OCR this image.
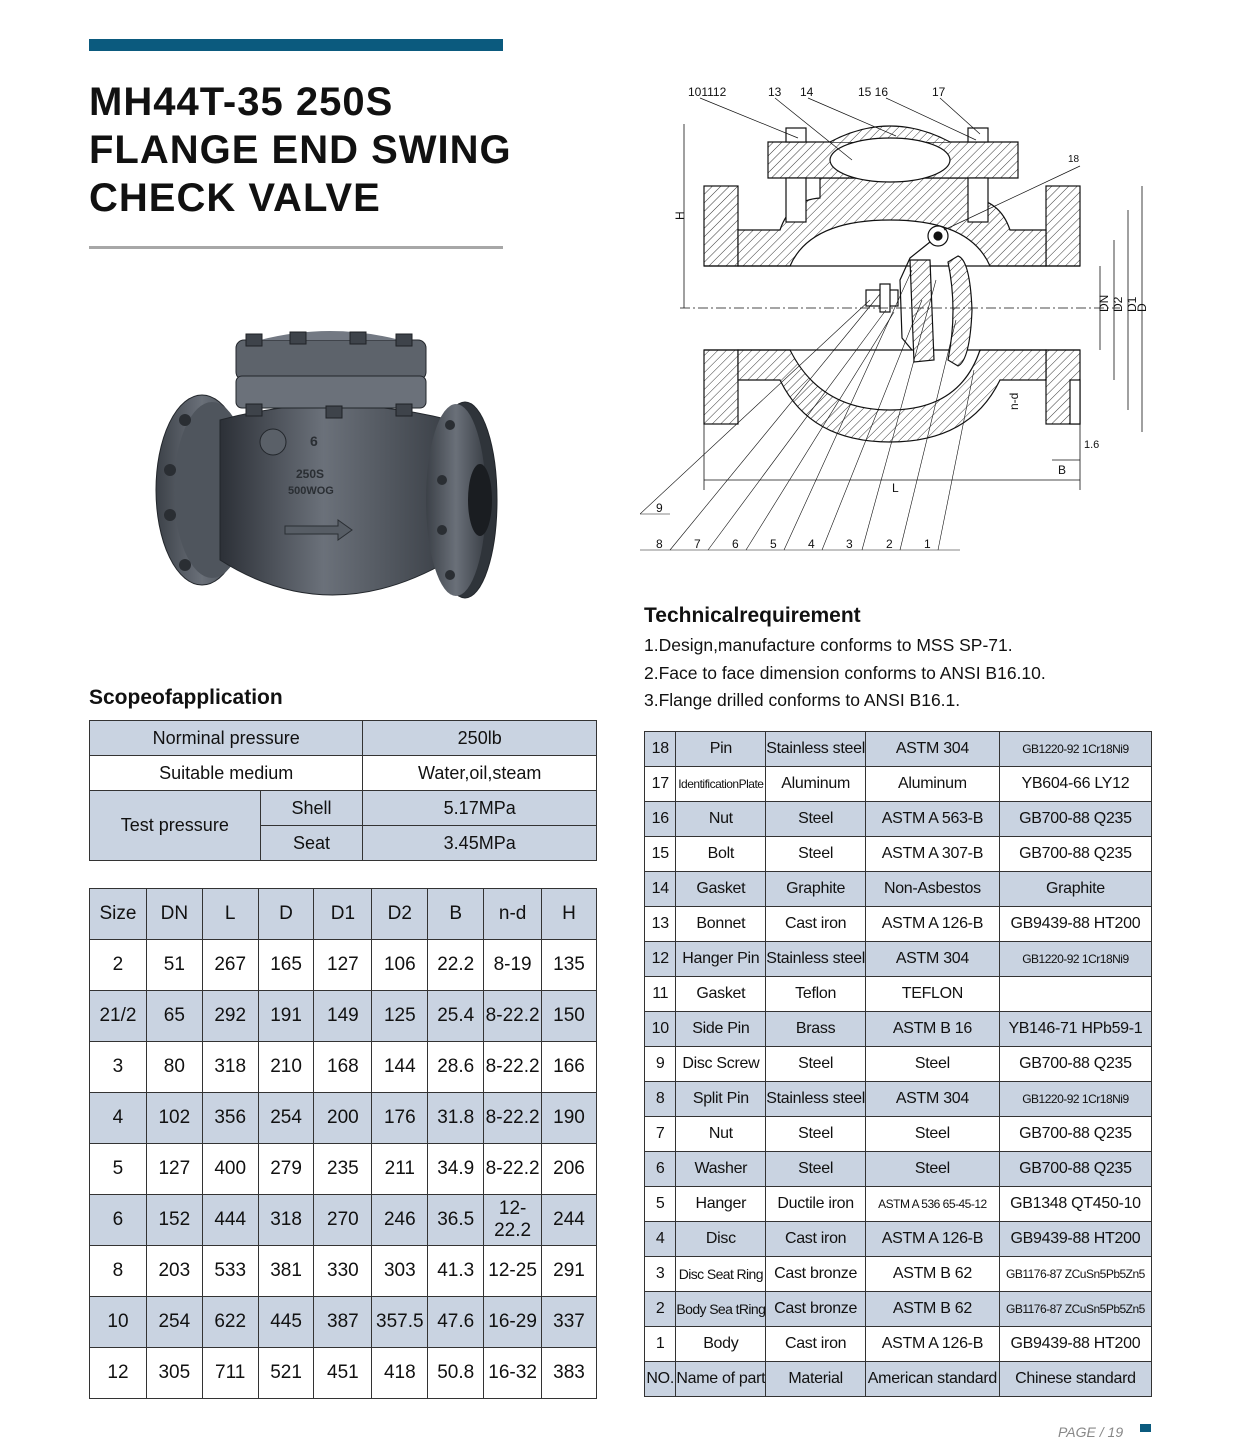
MH44T-35 250S
FLANGE END SWING
CHECK VALVE
6
250S
500WOG
101112	13 14	15 16	17
18
9
8	7	6	5	4	3	2	1
H
L
DN D2 D1
D
n-d
B
1.6
Technicalrequirement
1.Design,manufacture conforms to MSS SP-71.
2.Face to face dimension conforms to ANSI B16.10.
3.Flange drilled conforms to ANSI B16.1.
Scopeofapplication
Norminal pressure		250lb
Suitable medium		Water,oil,steam
Test pressure	Shell	5.17MPa
	Seat	3.45MPa
Size	DN	L	D	D1	D2	B	n-d	H
2	51	267	165	127	106	22.2	8-19	135
21/2	65	292	191	149	125	25.4	8-22.2	150
3	80	318	210	168	144	28.6	8-22.2	166
4	102	356	254	200	176	31.8	8-22.2	190
5	127	400	279	235	211	34.9	8-22.2	206
6	152	444	318	270	246	36.5	12-22.2	244
8	203	533	381	330	303	41.3	12-25	291
10	254	622	445	387	357.5	47.6	16-29	337
12	305	711	521	451	418	50.8	16-32	383
18	Pin	Stainless steel	ASTM 304	GB1220-92 1Cr18Ni9
17	IdentificationPlate	Aluminum	Aluminum	YB604-66 LY12
16	Nut	Steel	ASTM A 563-B	GB700-88 Q235
15	Bolt	Steel	ASTM A 307-B	GB700-88 Q235
14	Gasket	Graphite	Non-Asbestos	Graphite
13	Bonnet	Cast iron	ASTM A 126-B	GB9439-88 HT200
12	Hanger Pin	Stainless steel	ASTM 304	GB1220-92 1Cr18Ni9
11	Gasket	Teflon	TEFLON	
10	Side Pin	Brass	ASTM B 16	YB146-71 HPb59-1
9	Disc Screw	Steel	Steel	GB700-88 Q235
8	Split Pin	Stainless steel	ASTM 304	GB1220-92 1Cr18Ni9
7	Nut	Steel	Steel	GB700-88 Q235
6	Washer	Steel	Steel	GB700-88 Q235
5	Hanger	Ductile iron	ASTM A 536 65-45-12	GB1348 QT450-10
4	Disc	Cast iron	ASTM A 126-B	GB9439-88 HT200
3	Disc Seat Ring	Cast bronze	ASTM B 62	GB1176-87 ZCuSn5Pb5Zn5
2	Body Sea tRing	Cast bronze	ASTM B 62	GB1176-87 ZCuSn5Pb5Zn5
1	Body	Cast iron	ASTM A 126-B	GB9439-88 HT200
NO.	Name of part	Material	American standard	Chinese standard
PAGE / 19
